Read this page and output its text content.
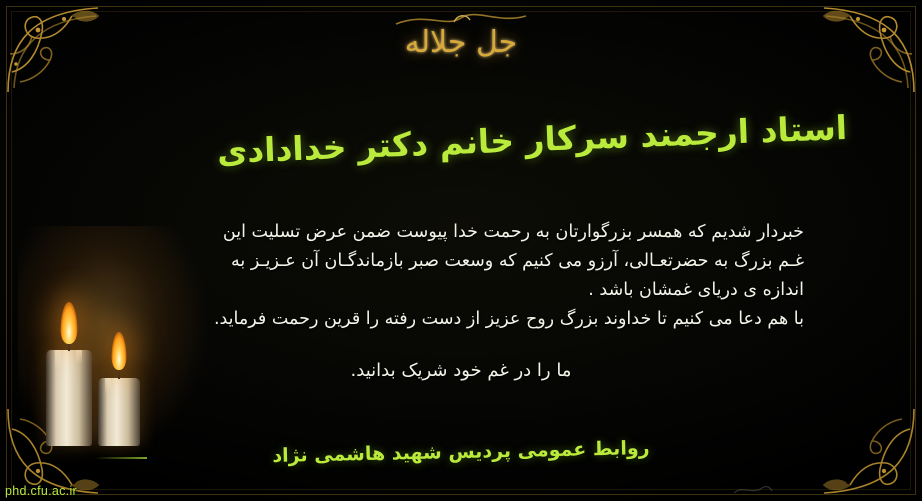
جل جلاله
استاد ارجمند سرکار خانم دکتر خدادادی

خبردار شدیم که همسر بزرگوارتان به رحمت خدا پیوست ضمن عرض تسلیت این

غـم بزرگ به حضرتعـالی، آرزو می کنیم که وسعت صبر بازماندگـان آن عـزیـز به

اندازه ی دریای غمشان باشد .

با هم دعا می کنیم تا خداوند بزرگ روح عزیز از دست رفته را قرین رحمت فرماید.

ما را در غم خود شریک بدانید.

روابط عمومی پردیس شهید هاشمی نژاد
phd.cfu.ac.ir
